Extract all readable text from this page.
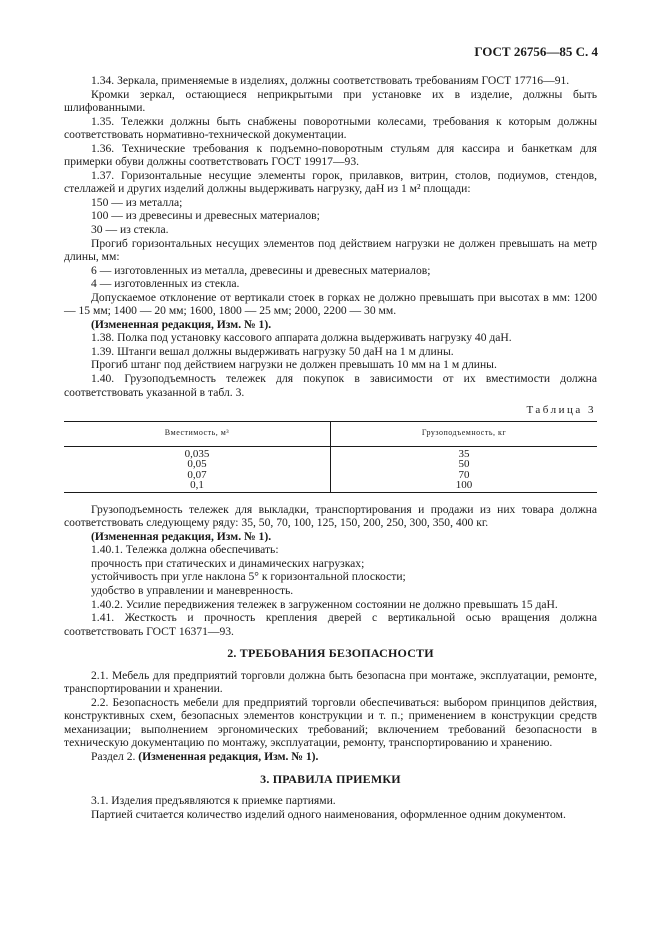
ГОСТ 26756—85 С. 4

1.34. Зеркала, применяемые в изделиях, должны соответствовать требованиям ГОСТ 17716—91.

Кромки зеркал, остающиеся неприкрытыми при установке их в изделие, должны быть шлифованными.

1.35. Тележки должны быть снабжены поворотными колесами, требования к которым должны соответствовать нормативно-технической документации.

1.36. Технические требования к подъемно-поворотным стульям для кассира и банкеткам для примерки обуви должны соответствовать ГОСТ 19917—93.

1.37. Горизонтальные несущие элементы горок, прилавков, витрин, столов, подиумов, стендов, стеллажей и других изделий должны выдерживать нагрузку, даН из 1 м² площади:

150 — из металла;

100 — из древесины и древесных материалов;

30 — из стекла.

Прогиб горизонтальных несущих элементов под действием нагрузки не должен превышать на метр длины, мм:

6 — изготовленных из металла, древесины и древесных материалов;

4 — изготовленных из стекла.

Допускаемое отклонение от вертикали стоек в горках не должно превышать при высотах в мм: 1200 — 15 мм; 1400 — 20 мм; 1600, 1800 — 25 мм; 2000, 2200 — 30 мм.

(Измененная редакция, Изм. № 1).

1.38. Полка под установку кассового аппарата должна выдерживать нагрузку 40 даН.

1.39. Штанги вешал должны выдерживать нагрузку 50 даН на 1 м длины.

Прогиб штанг под действием нагрузки не должен превышать 10 мм на 1 м длины.

1.40. Грузоподъемность тележек для покупок в зависимости от их вместимости должна соответствовать указанной в табл. 3.

Таблица 3
Вместимость, м³	Грузоподъемность, кг
0,035	35
0,05	50
0,07	70
0,1	100

Грузоподъемность тележек для выкладки, транспортирования и продажи из них товара должна соответствовать следующему ряду: 35, 50, 70, 100, 125, 150, 200, 250, 300, 350, 400 кг.

(Измененная редакция, Изм. № 1).

1.40.1. Тележка должна обеспечивать:

прочность при статических и динамических нагрузках;

устойчивость при угле наклона 5° к горизонтальной плоскости;

удобство в управлении и маневренность.

1.40.2. Усилие передвижения тележек в загруженном состоянии не должно превышать 15 даН.

1.41. Жесткость и прочность крепления дверей с вертикальной осью вращения должна соответствовать ГОСТ 16371—93.

2. ТРЕБОВАНИЯ БЕЗОПАСНОСТИ

2.1. Мебель для предприятий торговли должна быть безопасна при монтаже, эксплуатации, ремонте, транспортировании и хранении.

2.2. Безопасность мебели для предприятий торговли обеспечиваться: выбором принципов действия, конструктивных схем, безопасных элементов конструкции и т. п.; применением в конструкции средств механизации; выполнением эргономических требований; включением требований безопасности в техническую документацию по монтажу, эксплуатации, ремонту, транспортированию и хранению.

Раздел 2. (Измененная редакция, Изм. № 1).

3. ПРАВИЛА ПРИЕМКИ

3.1. Изделия предъявляются к приемке партиями.

Партией считается количество изделий одного наименования, оформленное одним документом.
